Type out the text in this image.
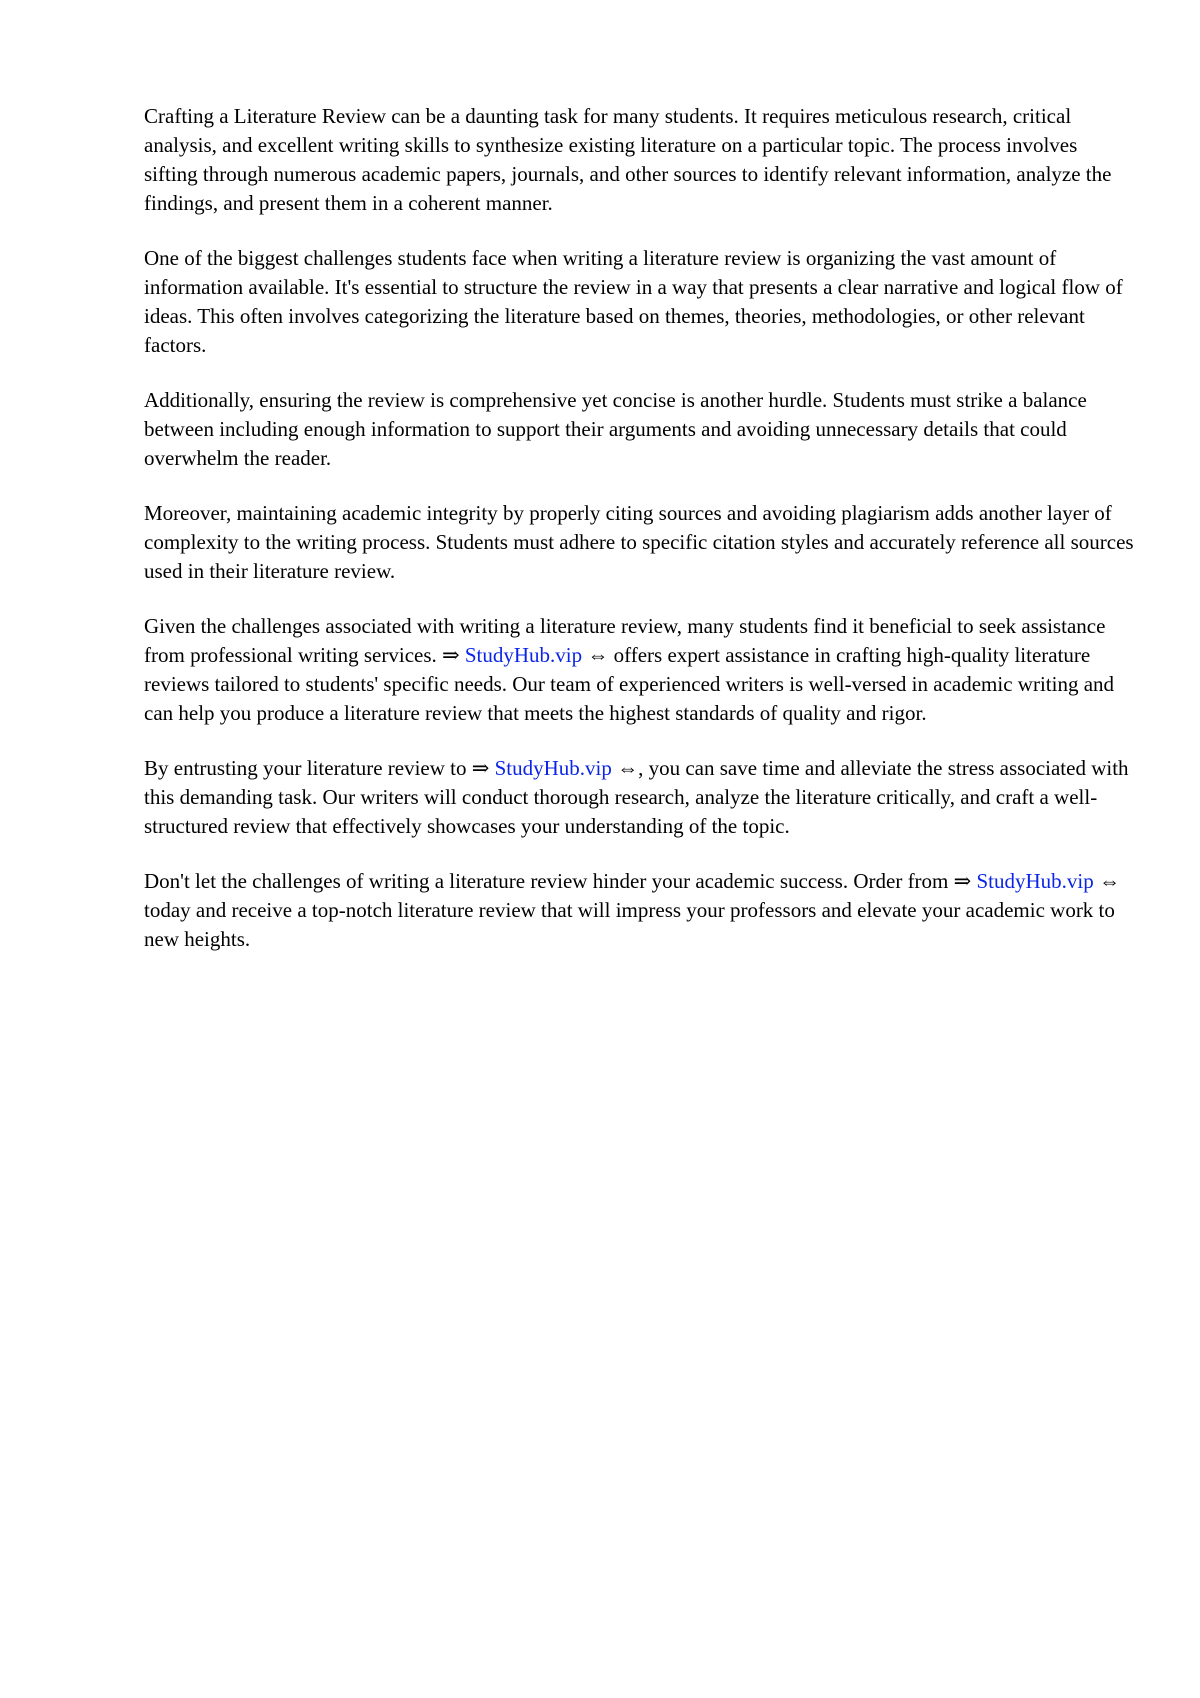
Crafting a Literature Review can be a daunting task for many students. It requires meticulous research, critical analysis, and excellent writing skills to synthesize existing literature on a particular topic. The process involves sifting through numerous academic papers, journals, and other sources to identify relevant information, analyze the findings, and present them in a coherent manner.

One of the biggest challenges students face when writing a literature review is organizing the vast amount of information available. It's essential to structure the review in a way that presents a clear narrative and logical flow of ideas. This often involves categorizing the literature based on themes, theories, methodologies, or other relevant factors.

Additionally, ensuring the review is comprehensive yet concise is another hurdle. Students must strike a balance between including enough information to support their arguments and avoiding unnecessary details that could overwhelm the reader.

Moreover, maintaining academic integrity by properly citing sources and avoiding plagiarism adds another layer of complexity to the writing process. Students must adhere to specific citation styles and accurately reference all sources used in their literature review.

Given the challenges associated with writing a literature review, many students find it beneficial to seek assistance from professional writing services. ⇒ StudyHub.vip ⇔ offers expert assistance in crafting high-quality literature reviews tailored to students' specific needs. Our team of experienced writers is well-versed in academic writing and can help you produce a literature review that meets the highest standards of quality and rigor.

By entrusting your literature review to ⇒ StudyHub.vip ⇔, you can save time and alleviate the stress associated with this demanding task. Our writers will conduct thorough research, analyze the literature critically, and craft a well-structured review that effectively showcases your understanding of the topic.

Don't let the challenges of writing a literature review hinder your academic success. Order from ⇒ StudyHub.vip ⇔ today and receive a top-notch literature review that will impress your professors and elevate your academic work to new heights.
